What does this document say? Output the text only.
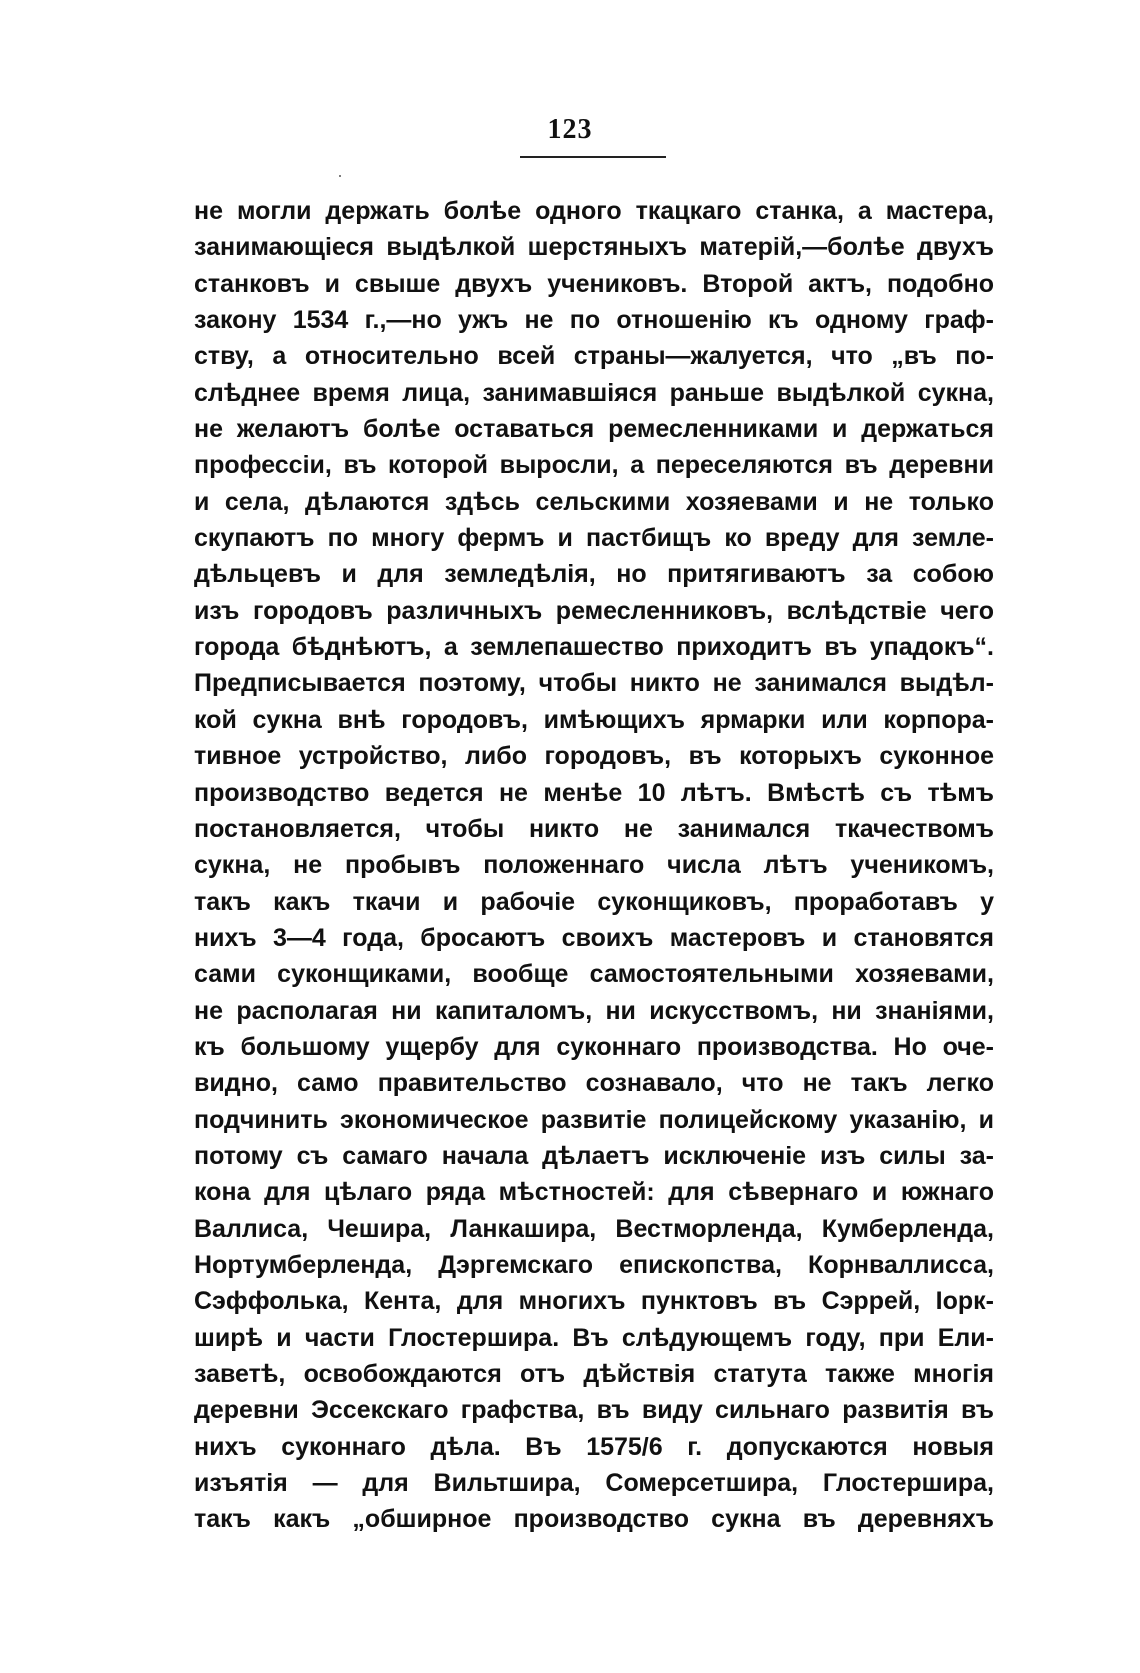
123
не могли держать болѣе одного ткацкаго станка, а мастера,
занимающіеся выдѣлкой шерстяныхъ матерій,—болѣе двухъ
станковъ и свыше двухъ учениковъ. Второй актъ, подобно
закону 1534 г.,—но ужъ не по отношенію къ одному граф-
ству, а относительно всей страны—жалуется, что „въ по-
слѣднее время лица, занимавшіяся раньше выдѣлкой сукна,
не желаютъ болѣе оставаться ремесленниками и держаться
профессіи, въ которой выросли, а переселяются въ деревни
и села, дѣлаются здѣсь сельскими хозяевами и не только
скупаютъ по многу фермъ и пастбищъ ко вреду для земле-
дѣльцевъ и для земледѣлія, но притягиваютъ за собою
изъ городовъ различныхъ ремесленниковъ, вслѣдствіе чего
города бѣднѣютъ, а землепашество приходитъ въ упадокъ“.
Предписывается поэтому, чтобы никто не занимался выдѣл-
кой сукна внѣ городовъ, имѣющихъ ярмарки или корпора-
тивное устройство, либо городовъ, въ которыхъ суконное
производство ведется не менѣе 10 лѣтъ. Вмѣстѣ съ тѣмъ
постановляется, чтобы никто не занимался ткачествомъ
сукна, не пробывъ положеннаго числа лѣтъ ученикомъ,
такъ какъ ткачи и рабочіе суконщиковъ, проработавъ у
нихъ 3—4 года, бросаютъ своихъ мастеровъ и становятся
сами суконщиками, вообще самостоятельными хозяевами,
не располагая ни капиталомъ, ни искусствомъ, ни знаніями,
къ большому ущербу для суконнаго производства. Но оче-
видно, само правительство сознавало, что не такъ легко
подчинить экономическое развитіе полицейскому указанію, и
потому съ самаго начала дѣлаетъ исключеніе изъ силы за-
кона для цѣлаго ряда мѣстностей: для сѣвернаго и южнаго
Валлиса, Чешира, Ланкашира, Вестморленда, Кумберленда,
Нортумберленда, Дэргемскаго епископства, Корнваллисса,
Сэффолька, Кента, для многихъ пунктовъ въ Сэррей, Іорк-
ширѣ и части Глостершира. Въ слѣдующемъ году, при Ели-
заветѣ, освобождаются отъ дѣйствія статута также многія
деревни Эссекскаго графства, въ виду сильнаго развитія въ
нихъ суконнаго дѣла. Въ 1575/6 г. допускаются новыя
изъятія — для Вильтшира, Сомерсетшира, Глостершира,
такъ какъ „обширное производство сукна въ деревняхъ
